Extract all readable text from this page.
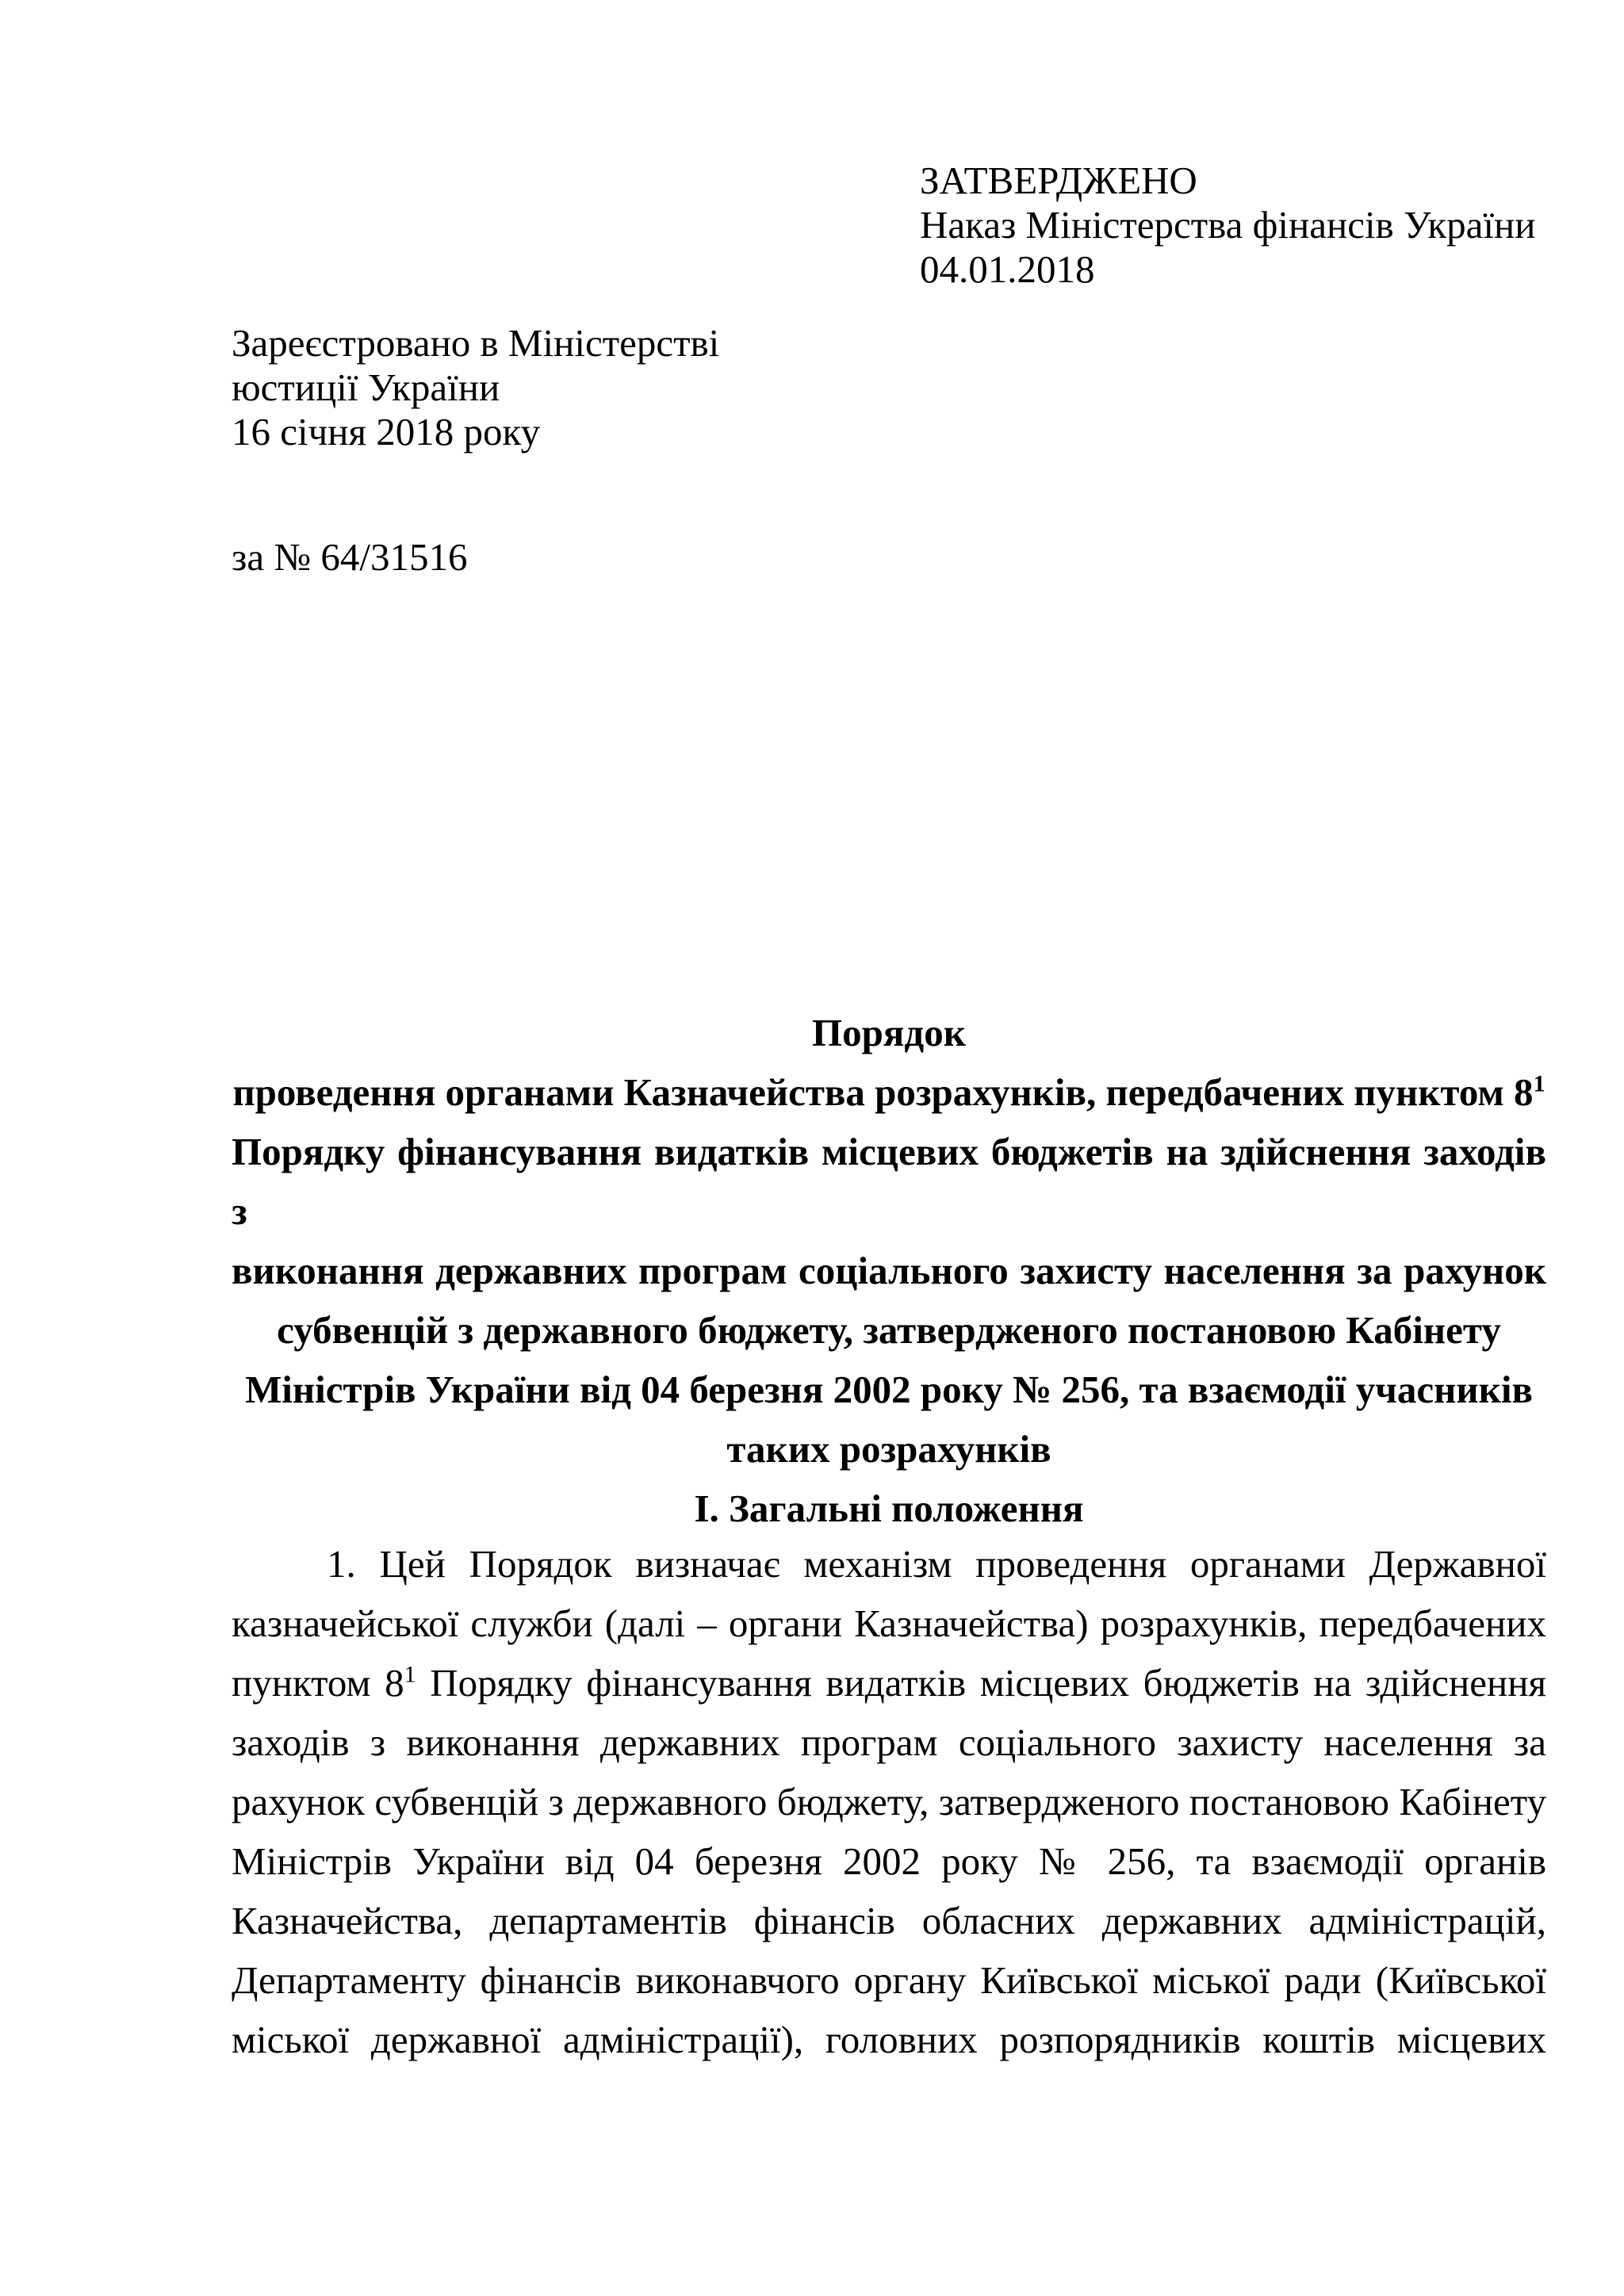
ЗАТВЕРДЖЕНО
Наказ Міністерства фінансів України
04.01.2018
Зареєстровано в Міністерстві
юстиції України
16 січня 2018 року
за № 64/31516
Порядок
проведення органами Казначейства розрахунків, передбачених пунктом $8^1$
Порядку фінансування видатків місцевих бюджетів на здійснення заходів з
виконання державних програм соціального захисту населення за рахунок
субвенцій з державного бюджету, затвердженого постановою Кабінету
Міністрів України від 04 березня 2002 року № 256, та взаємодії учасників
таких розрахунків
I. Загальні положення
1. Цей Порядок визначає механізм проведення органами Державної
казначейської служби (далі – органи Казначейства) розрахунків, передбачених
пунктом $8^1$ Порядку фінансування видатків місцевих бюджетів на здійснення
заходів з виконання державних програм соціального захисту населення за
рахунок субвенцій з державного бюджету, затвердженого постановою Кабінету
Міністрів України від 04 березня 2002 року № 256, та взаємодії органів
Казначейства, департаментів фінансів обласних державних адміністрацій,
Департаменту фінансів виконавчого органу Київської міської ради (Київської
міської державної адміністрації), головних розпорядників коштів місцевих
